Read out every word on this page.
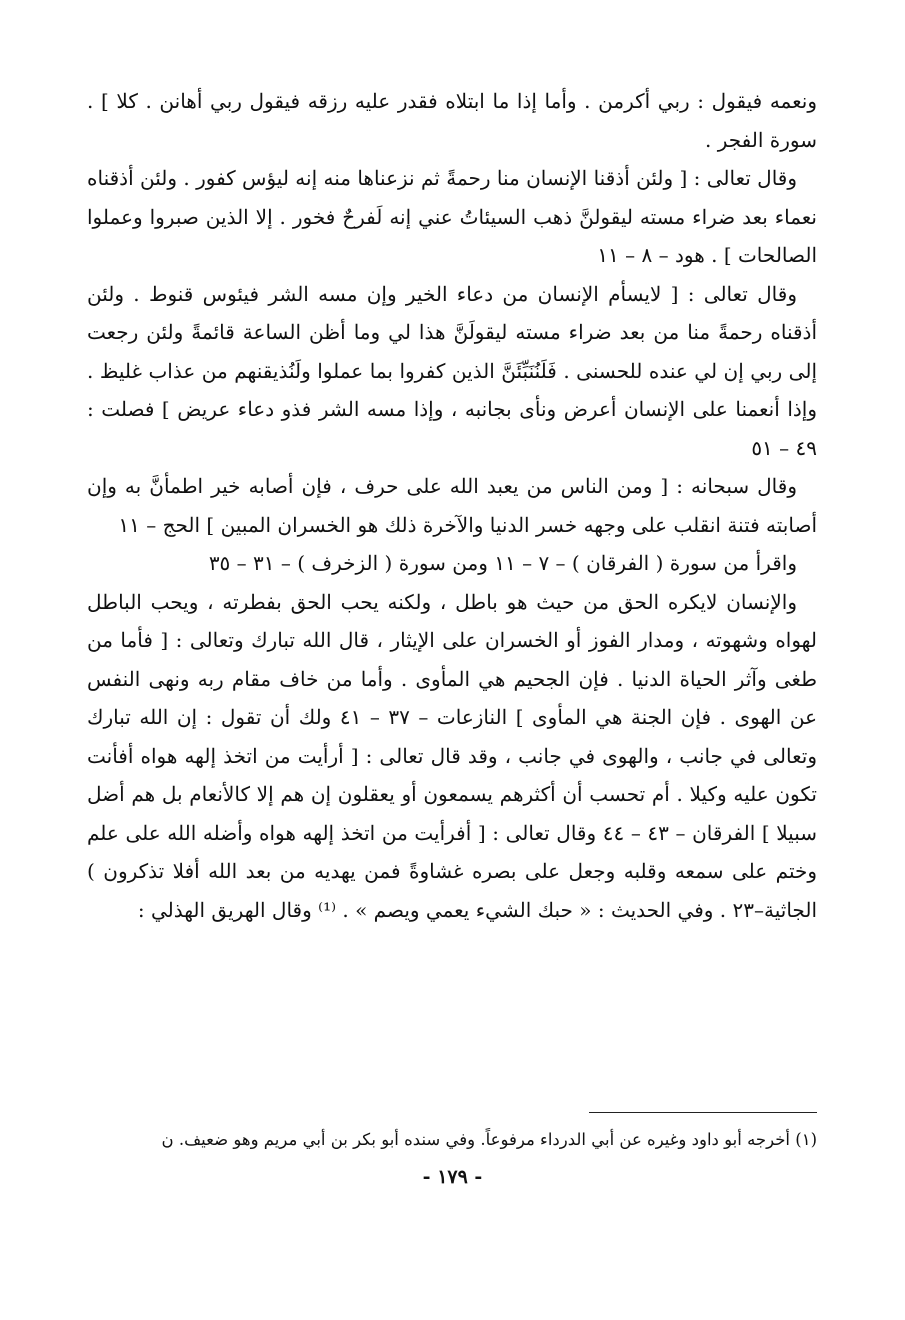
ونعمه فيقول : ربي أكرمن . وأما إذا ما ابتلاه فقدر عليه رزقه فيقول ربي أهانن . كلا ] . سورة الفجر .

وقال تعالى : [ ولئن أذقنا الإنسان منا رحمةً ثم نزعناها منه إنه ليؤس كفور . ولئن أذقناه نعماء بعد ضراء مسته ليقولنَّ ذهب السيئاتُ عني إنه لَفرحٌ فخور . إلا الذين صبروا وعملوا الصالحات ] . هود – ٨ – ١١

وقال تعالى : [ لايسأم الإنسان من دعاء الخير وإن مسه الشر فيئوس قنوط . ولئن أذقناه رحمةً منا من بعد ضراء مسته ليقولَنَّ هذا لي وما أظن الساعة قائمةً ولئن رجعت إلى ربي إن لي عنده للحسنى . فَلَنُنَبِّئَنَّ الذين كفروا بما عملوا ولَنُذيقنهم من عذاب غليظ . وإذا أنعمنا على الإنسان أعرض ونأى بجانبه ، وإذا مسه الشر فذو دعاء عريض ] فصلت : ٤٩ – ٥١

وقال سبحانه : [ ومن الناس من يعبد الله على حرف ، فإن أصابه خير اطمأنَّ به وإن أصابته فتنة انقلب على وجهه خسر الدنيا والآخرة ذلك هو الخسران المبين ] الحج – ١١

واقرأ من سورة ( الفرقان ) – ٧ – ١١ ومن سورة ( الزخرف ) – ٣١ – ٣٥

والإنسان لايكره الحق من حيث هو باطل ، ولكنه يحب الحق بفطرته ، ويحب الباطل لهواه وشهوته ، ومدار الفوز أو الخسران على الإيثار ، قال الله تبارك وتعالى : [ فأما من طغى وآثر الحياة الدنيا . فإن الجحيم هي المأوى . وأما من خاف مقام ربه ونهى النفس عن الهوى . فإن الجنة هي المأوى ] النازعات – ٣٧ – ٤١ ولك أن تقول : إن الله تبارك وتعالى في جانب ، والهوى في جانب ، وقد قال تعالى : [ أرأيت من اتخذ إلهه هواه أفأنت تكون عليه وكيلا . أم تحسب أن أكثرهم يسمعون أو يعقلون إن هم إلا كالأنعام بل هم أضل سبيلا ] الفرقان – ٤٣ – ٤٤ وقال تعالى : [ أفرأيت من اتخذ إلهه هواه وأضله الله على علم وختم على سمعه وقلبه وجعل على بصره غشاوةً فمن يهديه من بعد الله أفلا تذكرون ) الجاثية–٢٣ . وفي الحديث : « حبك الشيء يعمي ويصم » . ⁽¹⁾ وقال الهريق الهذلي :

(١) أخرجه أبو داود وغيره عن أبي الدرداء مرفوعاً. وفي سنده أبو بكر بن أبي مريم وهو ضعيف. ن

- ١٧٩ -
